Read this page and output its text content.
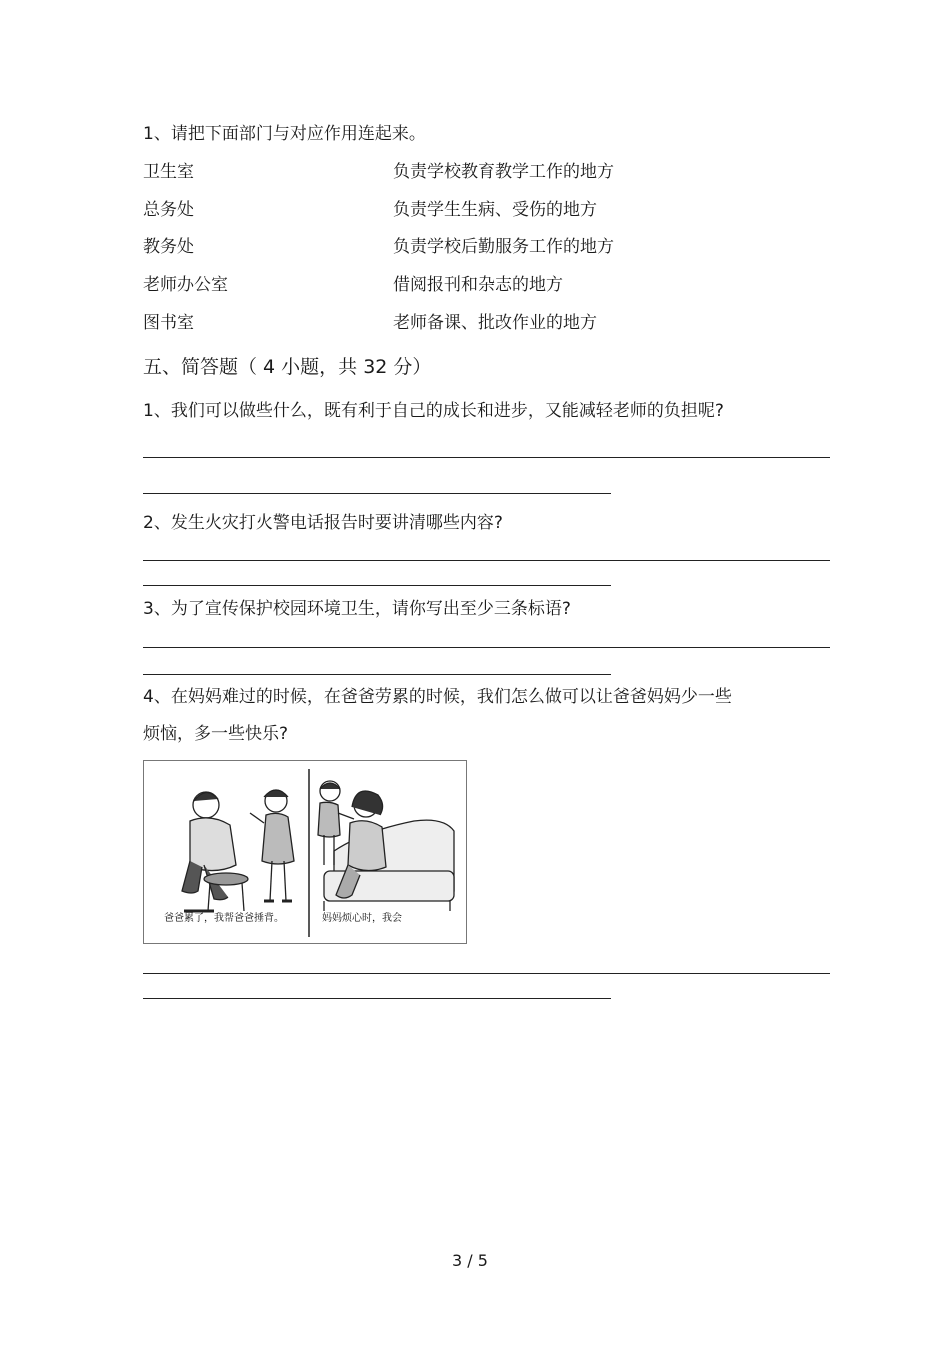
1、请把下面部门与对应作用连起来。
卫生室	负责学校教育教学工作的地方
总务处	负责学生生病、受伤的地方
教务处	负责学校后勤服务工作的地方
老师办公室	借阅报刊和杂志的地方
图书室	老师备课、批改作业的地方
五、简答题（ 4 小题，共 32 分）
1、我们可以做些什么，既有利于自己的成长和进步，又能减轻老师的负担呢?
2、发生火灾打火警电话报告时要讲清哪些内容?
3、为了宣传保护校园环境卫生，请你写出至少三条标语?
4、在妈妈难过的时候，在爸爸劳累的时候，我们怎么做可以让爸爸妈妈少一些
烦恼，多一些快乐?
爸爸累了，我帮爸爸捶背。	妈妈烦心时，我会
3 / 5
